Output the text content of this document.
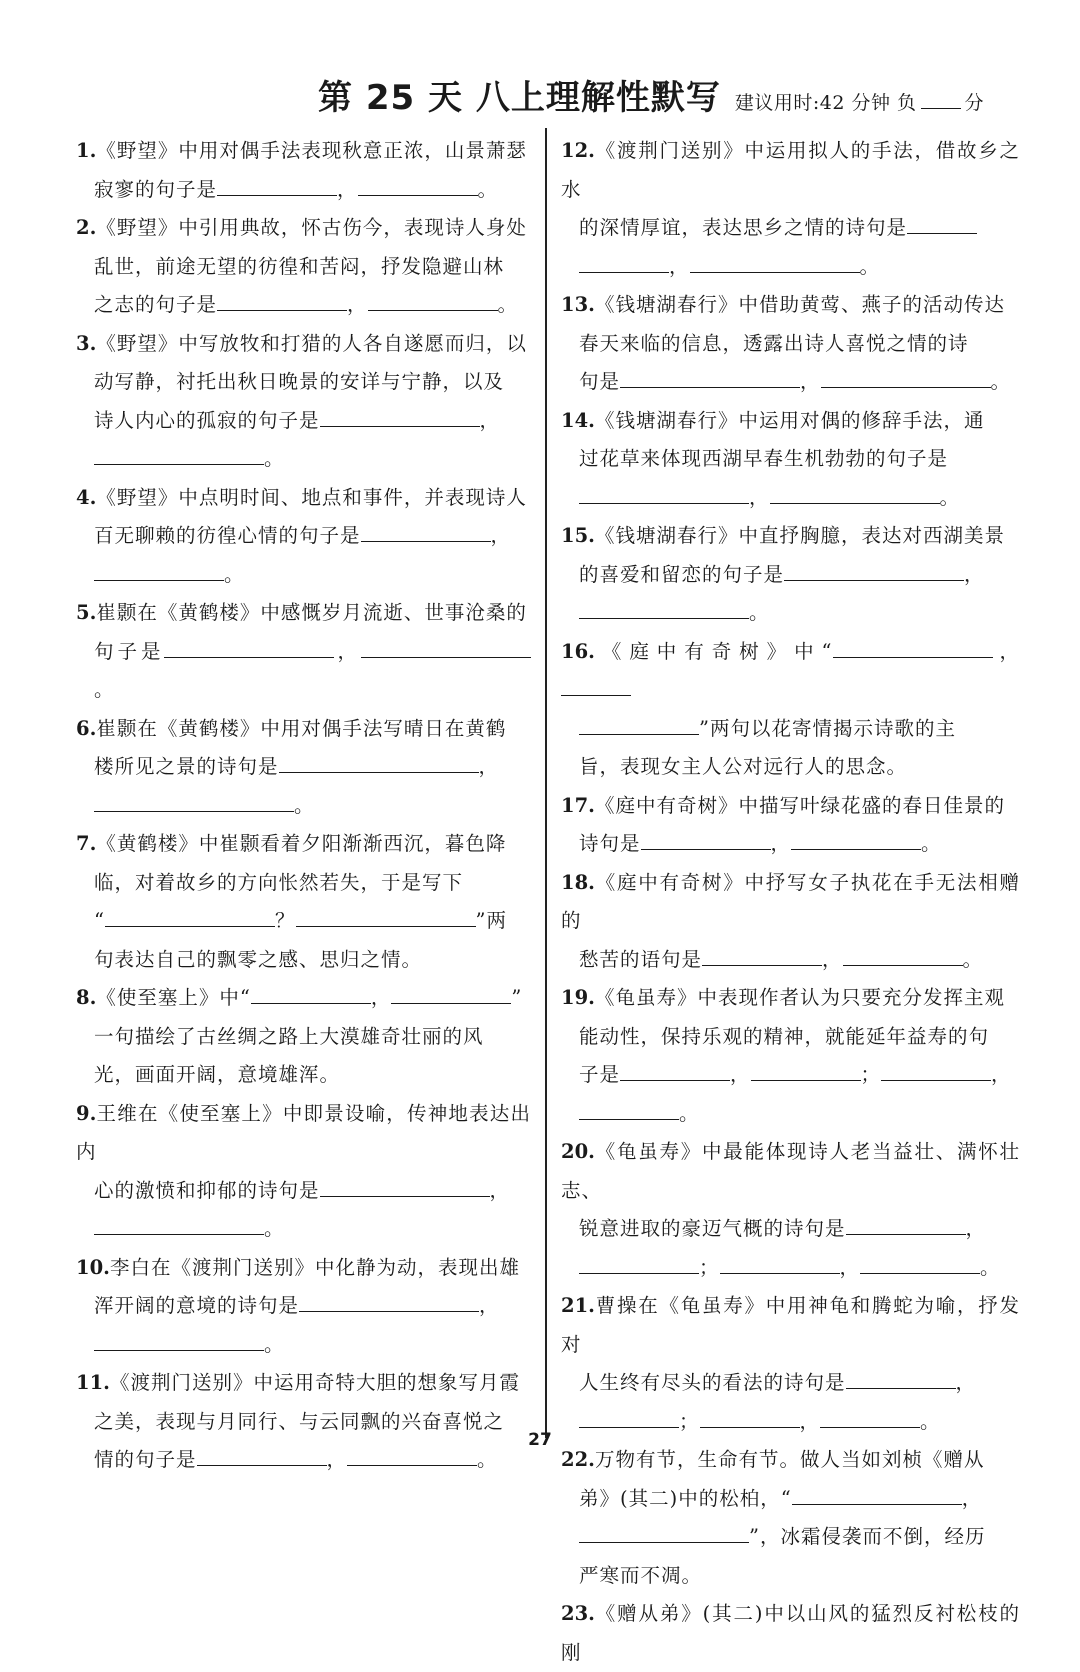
第 25 天 八上理解性默写 建议用时:42 分钟 负	分
1.《野望》中用对偶手法表现秋意正浓，山景萧瑟
寂寥的句子是	，	。
2.《野望》中引用典故，怀古伤今，表现诗人身处
乱世，前途无望的彷徨和苦闷，抒发隐避山林
之志的句子是	，	。
3.《野望》中写放牧和打猎的人各自遂愿而归，以
动写静，衬托出秋日晚景的安详与宁静，以及
诗人内心的孤寂的句子是	，
。
4.《野望》中点明时间、地点和事件，并表现诗人
百无聊赖的彷徨心情的句子是	，
。
5.崔颢在《黄鹤楼》中感慨岁月流逝、世事沧桑的
句子是	，。
6.崔颢在《黄鹤楼》中用对偶手法写晴日在黄鹤
楼所见之景的诗句是	，
。
7.《黄鹤楼》中崔颢看着夕阳渐渐西沉，暮色降
临，对着故乡的方向怅然若失，于是写下
“	？	”两
句表达自己的飘零之感、思归之情。
8.《使至塞上》中“	，	”
一句描绘了古丝绸之路上大漠雄奇壮丽的风
光，画面开阔，意境雄浑。
9.王维在《使至塞上》中即景设喻，传神地表达出内
心的激愤和抑郁的诗句是	，
。
10.李白在《渡荆门送别》中化静为动，表现出雄
浑开阔的意境的诗句是	，
。
11.《渡荆门送别》中运用奇特大胆的想象写月霞
之美，表现与月同行、与云同飘的兴奋喜悦之
情的句子是	，	。
12.《渡荆门送别》中运用拟人的手法，借故乡之水
的深情厚谊，表达思乡之情的诗句是
，	。
13.《钱塘湖春行》中借助黄莺、燕子的活动传达
春天来临的信息，透露出诗人喜悦之情的诗
句是	，	。
14.《钱塘湖春行》中运用对偶的修辞手法，通
过花草来体现西湖早春生机勃勃的句子是
，	。
15.《钱塘湖春行》中直抒胸臆，表达对西湖美景
的喜爱和留恋的句子是	，
。
16.《庭中有奇树》中“	，
”两句以花寄情揭示诗歌的主
旨，表现女主人公对远行人的思念。
17.《庭中有奇树》中描写叶绿花盛的春日佳景的
诗句是	，	。
18.《庭中有奇树》中抒写女子执花在手无法相赠的
愁苦的语句是	，	。
19.《龟虽寿》中表现作者认为只要充分发挥主观
能动性，保持乐观的精神，就能延年益寿的句
子是	，	；	，
。
20.《龟虽寿》中最能体现诗人老当益壮、满怀壮志、
锐意进取的豪迈气概的诗句是	，
；	，	。
21.曹操在《龟虽寿》中用神龟和腾蛇为喻，抒发对
人生终有尽头的看法的诗句是	，
；	，	。
22.万物有节，生命有节。做人当如刘桢《赠从
弟》(其二)中的松柏，“	，
”，冰霜侵袭而不倒，经历
严寒而不凋。
23.《赠从弟》(其二)中以山风的猛烈反衬松枝的刚
27
